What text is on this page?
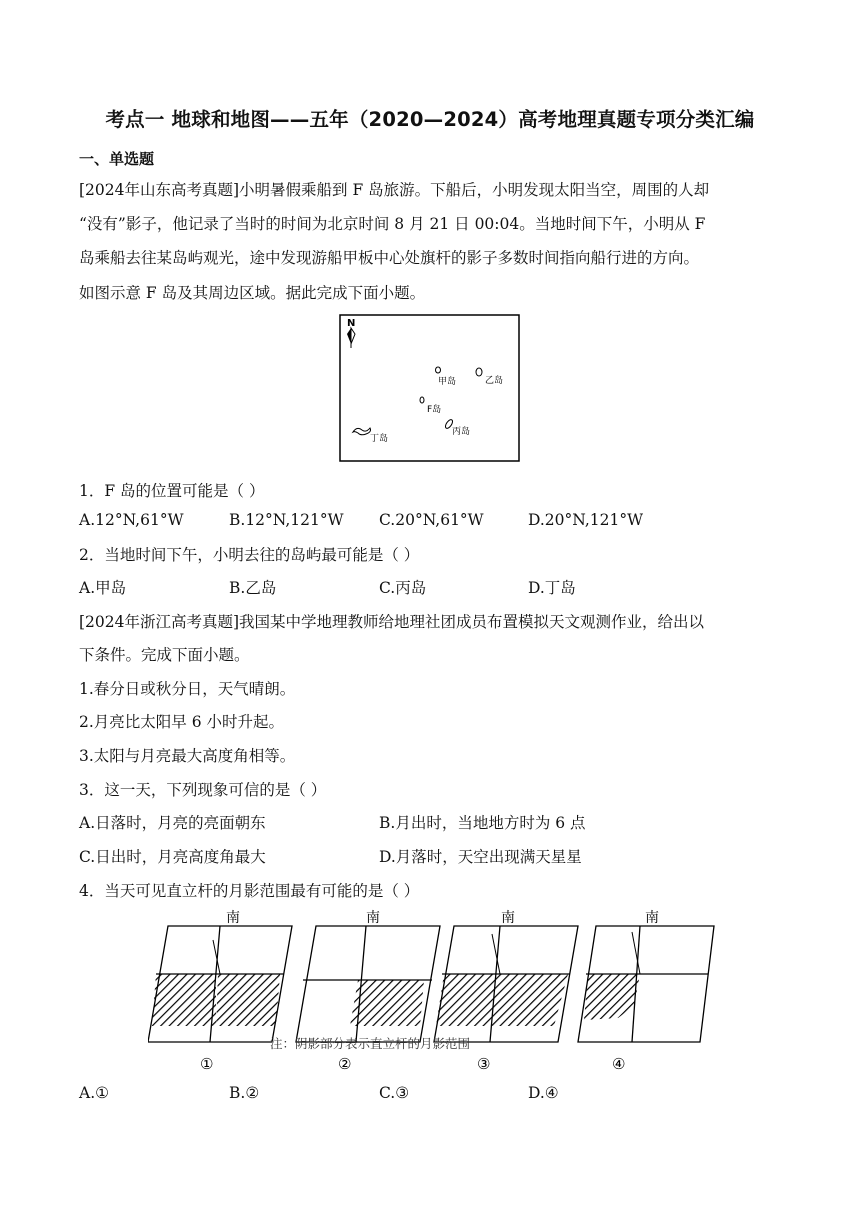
考点一 地球和地图——五年（2020—2024）高考地理真题专项分类汇编
一、单选题
[2024年山东高考真题]小明暑假乘船到 F 岛旅游。下船后，小明发现太阳当空，周围的人却
“没有”影子，他记录了当时的时间为北京时间 8 月 21 日 00:04。当地时间下午，小明从 F
岛乘船去往某岛屿观光，途中发现游船甲板中心处旗杆的影子多数时间指向船行进的方向。
如图示意 F 岛及其周边区域。据此完成下面小题。
N
甲岛	乙岛
F岛
丙岛
丁岛
1．F 岛的位置可能是（ ）
A.12°N,61°W	B.12°N,121°W C.20°N,61°W	D.20°N,121°W
2．当地时间下午，小明去往的岛屿最可能是（ ）
A.甲岛	B.乙岛	C.丙岛	D.丁岛
[2024年浙江高考真题]我国某中学地理教师给地理社团成员布置模拟天文观测作业，给出以
下条件。完成下面小题。
1.春分日或秋分日，天气晴朗。
2.月亮比太阳早 6 小时升起。
3.太阳与月亮最大高度角相等。
3．这一天，下列现象可信的是（ ）
A.日落时，月亮的亮面朝东	B.月出时，当地地方时为 6 点
C.日出时，月亮高度角最大	D.月落时，天空出现满天星星
4．当天可见直立杆的月影范围最有可能的是（ ）
南
①
南
②
南
③
南
④
注：阴影部分表示直立杆的月影范围
A.①	B.②	C.③	D.④
